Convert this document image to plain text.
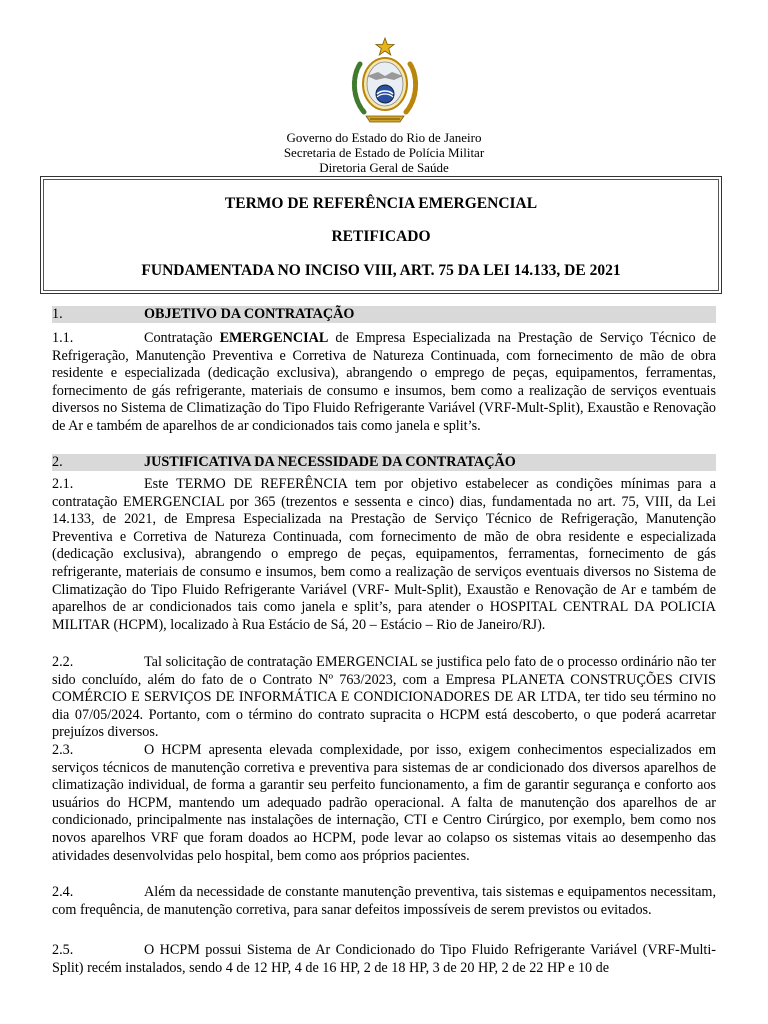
Governo do Estado do Rio de Janeiro
Secretaria de Estado de Polícia Militar
Diretoria Geral de Saúde
TERMO DE REFERÊNCIA EMERGENCIAL
RETIFICADO
FUNDAMENTADA NO INCISO VIII, ART. 75 DA LEI 14.133, DE 2021
1.	OBJETIVO DA CONTRATAÇÃO
1.1.	Contratação EMERGENCIAL de Empresa Especializada na Prestação de Serviço Técnico de Refrigeração, Manutenção Preventiva e Corretiva de Natureza Continuada, com fornecimento de mão de obra residente e especializada (dedicação exclusiva), abrangendo o emprego de peças, equipamentos, ferramentas, fornecimento de gás refrigerante, materiais de consumo e insumos, bem como a realização de serviços eventuais diversos no Sistema de Climatização do Tipo Fluido Refrigerante Variável (VRF-Mult-Split), Exaustão e Renovação de Ar e também de aparelhos de ar condicionados tais como janela e split’s.
2.	JUSTIFICATIVA DA NECESSIDADE DA CONTRATAÇÃO
2.1.	Este TERMO DE REFERÊNCIA tem por objetivo estabelecer as condições mínimas para a contratação EMERGENCIAL por 365 (trezentos e sessenta e cinco) dias, fundamentada no art. 75, VIII, da Lei 14.133, de 2021, de Empresa Especializada na Prestação de Serviço Técnico de Refrigeração, Manutenção Preventiva e Corretiva de Natureza Continuada, com fornecimento de mão de obra residente e especializada (dedicação exclusiva), abrangendo o emprego de peças, equipamentos, ferramentas, fornecimento de gás refrigerante, materiais de consumo e insumos, bem como a realização de serviços eventuais diversos no Sistema de Climatização do Tipo Fluido Refrigerante Variável (VRF- Mult-Split), Exaustão e Renovação de Ar e também de aparelhos de ar condicionados tais como janela e split’s, para atender o HOSPITAL CENTRAL DA POLICIA MILITAR (HCPM), localizado à Rua Estácio de Sá, 20 – Estácio – Rio de Janeiro/RJ).
2.2.	Tal solicitação de contratação EMERGENCIAL se justifica pelo fato de o processo ordinário não ter sido concluído, além do fato de o Contrato Nº 763/2023, com a Empresa PLANETA CONSTRUÇÕES CIVIS COMÉRCIO E SERVIÇOS DE INFORMÁTICA E CONDICIONADORES DE AR LTDA, ter tido seu término no dia 07/05/2024. Portanto, com o término do contrato supracita o HCPM está descoberto, o que poderá acarretar prejuízos diversos.
2.3.	O HCPM apresenta elevada complexidade, por isso, exigem conhecimentos especializados em serviços técnicos de manutenção corretiva e preventiva para sistemas de ar condicionado dos diversos aparelhos de climatização individual, de forma a garantir seu perfeito funcionamento, a fim de garantir segurança e conforto aos usuários do HCPM, mantendo um adequado padrão operacional. A falta de manutenção dos aparelhos de ar condicionado, principalmente nas instalações de internação, CTI e Centro Cirúrgico, por exemplo, bem como nos novos aparelhos VRF que foram doados ao HCPM, pode levar ao colapso os sistemas vitais ao desempenho das atividades desenvolvidas pelo hospital, bem como aos próprios pacientes.
2.4.	Além da necessidade de constante manutenção preventiva, tais sistemas e equipamentos necessitam, com frequência, de manutenção corretiva, para sanar defeitos impossíveis de serem previstos ou evitados.
2.5.	O HCPM possui Sistema de Ar Condicionado do Tipo Fluido Refrigerante Variável (VRF-Multi-Split) recém instalados, sendo 4 de 12 HP, 4 de 16 HP, 2 de 18 HP, 3 de 20 HP, 2 de 22 HP e 10 de
